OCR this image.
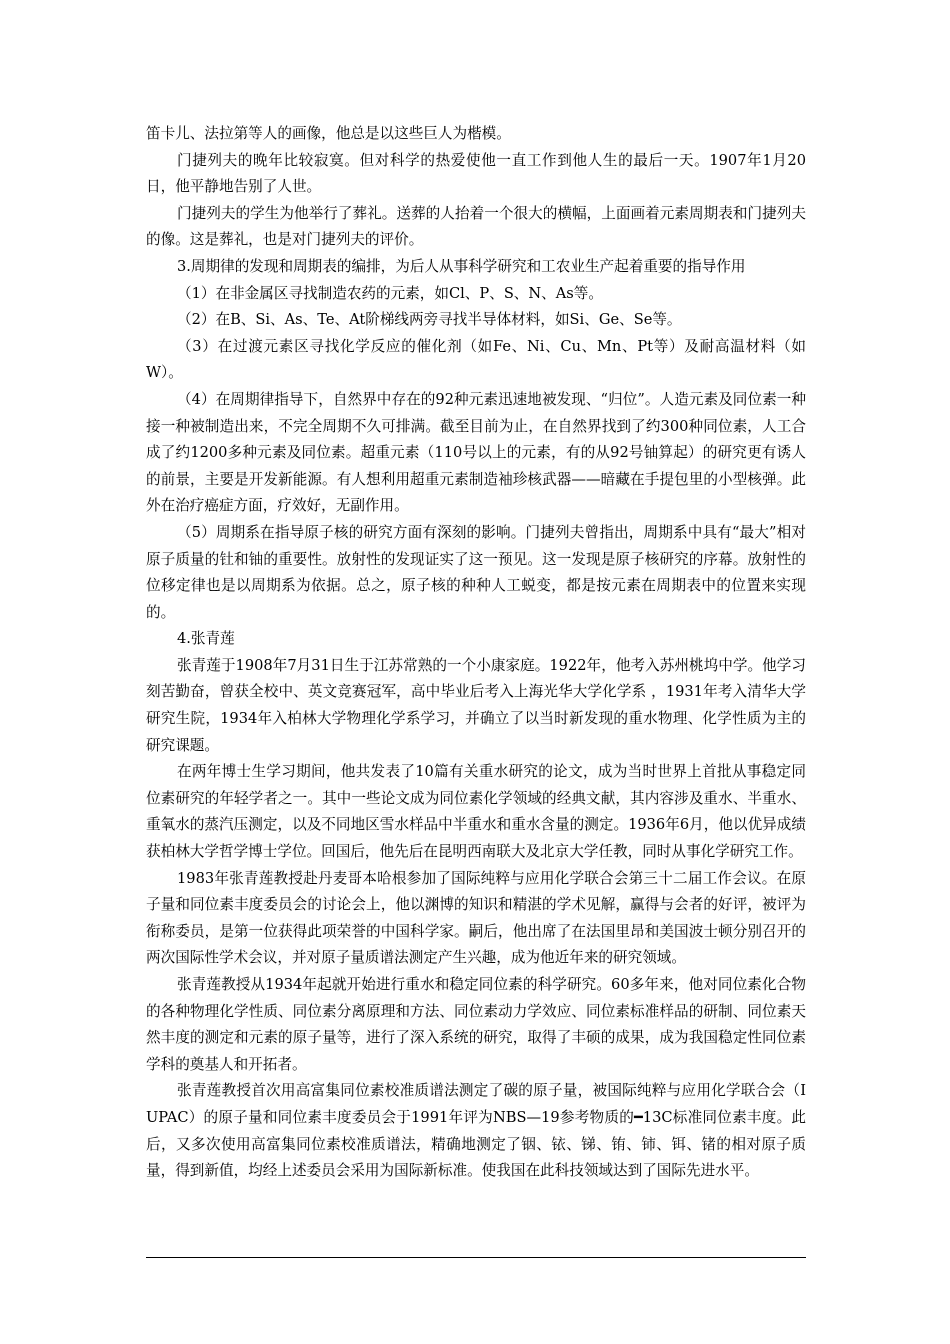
笛卡儿、法拉第等人的画像，他总是以这些巨人为楷模。

门捷列夫的晚年比较寂寞。但对科学的热爱使他一直工作到他人生的最后一天。1907年1月20日，他平静地告别了人世。

门捷列夫的学生为他举行了葬礼。送葬的人抬着一个很大的横幅，上面画着元素周期表和门捷列夫的像。这是葬礼，也是对门捷列夫的评价。

3.周期律的发现和周期表的编排，为后人从事科学研究和工农业生产起着重要的指导作用

（1）在非金属区寻找制造农药的元素，如Cl、P、S、N、As等。

（2）在B、Si、As、Te、At阶梯线两旁寻找半导体材料，如Si、Ge、Se等。

（3）在过渡元素区寻找化学反应的催化剂（如Fe、Ni、Cu、Mn、Pt等）及耐高温材料（如W）。

（4）在周期律指导下，自然界中存在的92种元素迅速地被发现、“归位”。人造元素及同位素一种接一种被制造出来，不完全周期不久可排满。截至目前为止，在自然界找到了约300种同位素，人工合成了约1200多种元素及同位素。超重元素（110号以上的元素，有的从92号铀算起）的研究更有诱人的前景，主要是开发新能源。有人想利用超重元素制造袖珍核武器——暗藏在手提包里的小型核弹。此外在治疗癌症方面，疗效好，无副作用。

（5）周期系在指导原子核的研究方面有深刻的影响。门捷列夫曾指出，周期系中具有“最大”相对原子质量的钍和铀的重要性。放射性的发现证实了这一预见。这一发现是原子核研究的序幕。放射性的位移定律也是以周期系为依据。总之，原子核的种种人工蜕变，都是按元素在周期表中的位置来实现的。

4.张青莲

张青莲于1908年7月31日生于江苏常熟的一个小康家庭。1922年，他考入苏州桃坞中学。他学习刻苦勤奋，曾获全校中、英文竞赛冠军，高中毕业后考入上海光华大学化学系 ，1931年考入清华大学研究生院，1934年入柏林大学物理化学系学习，并确立了以当时新发现的重水物理、化学性质为主的研究课题。

在两年博士生学习期间，他共发表了10篇有关重水研究的论文，成为当时世界上首批从事稳定同位素研究的年轻学者之一。其中一些论文成为同位素化学领域的经典文献，其内容涉及重水、半重水、重氧水的蒸汽压测定，以及不同地区雪水样品中半重水和重水含量的测定。1936年6月，他以优异成绩获柏林大学哲学博士学位。回国后，他先后在昆明西南联大及北京大学任教，同时从事化学研究工作。

1983年张青莲教授赴丹麦哥本哈根参加了国际纯粹与应用化学联合会第三十二届工作会议。在原子量和同位素丰度委员会的讨论会上，他以渊博的知识和精湛的学术见解，赢得与会者的好评，被评为衔称委员，是第一位获得此项荣誉的中国科学家。嗣后，他出席了在法国里昂和美国波士顿分别召开的两次国际性学术会议，并对原子量质谱法测定产生兴趣，成为他近年来的研究领域。

张青莲教授从1934年起就开始进行重水和稳定同位素的科学研究。60多年来，他对同位素化合物的各种物理化学性质、同位素分离原理和方法、同位素动力学效应、同位素标准样品的研制、同位素天然丰度的测定和元素的原子量等，进行了深入系统的研究，取得了丰硕的成果，成为我国稳定性同位素学科的奠基人和开拓者。

张青莲教授首次用高富集同位素校准质谱法测定了碳的原子量，被国际纯粹与应用化学联合会（IUPAC）的原子量和同位素丰度委员会于1991年评为NBS—19参考物质的━13C标准同位素丰度。此后，又多次使用高富集同位素校准质谱法，精确地测定了铟、铱、锑、铕、铈、铒、锗的相对原子质量，得到新值，均经上述委员会采用为国际新标准。使我国在此科技领域达到了国际先进水平。
